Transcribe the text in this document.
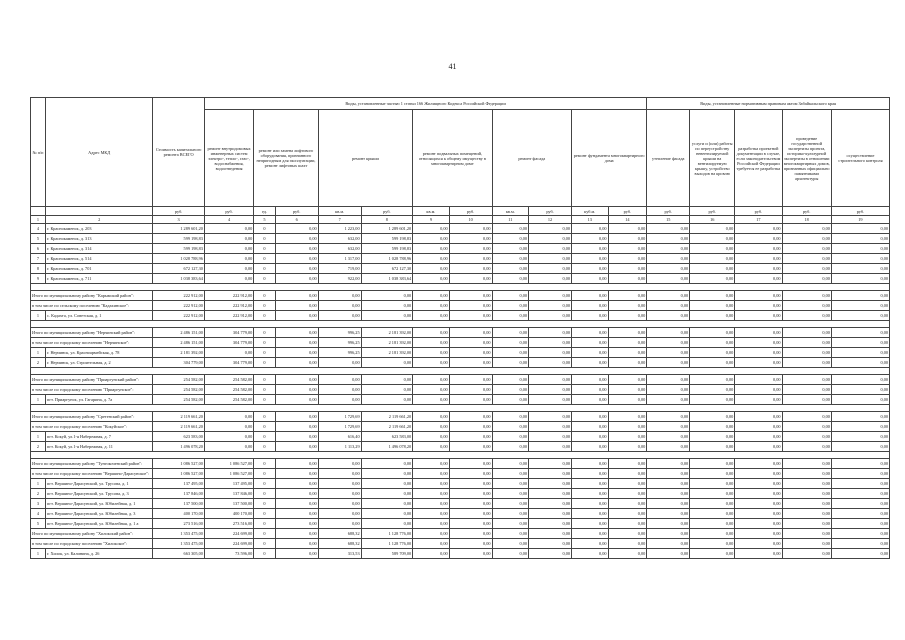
41
№ п/п	Адрес МКД	Стоимость капитального ремонта ВСЕГО	Виды, установленные частью 1 статьи 166 Жилищного Кодекса Российской Федерации											Виды, установленные нормативным правовым актом Забайкальского края				
			ремонт внутридомовых инженерных систем электро-, тепло-, газо-, водоснабжения, водоотведения	ремонт или замена лифтового оборудования, признанного непригодным для эксплуатации, ремонт лифтовых шахт		ремонт крыши		ремонт подвальных помещений, относящихся к общему имуществу в многоквартирном доме		ремонт фасада		ремонт фундамента многоквартирного дома		утепление фасада	услуги и (или) работы по переустройству невентилируемой крыши на вентилируемую крышу, устройство выходов на кровлю	разработка проектной документации в случае, если законодательством Российской Федерации требуется ее разработка	проведение государственной экспертизы проекта, историко-культурной экспертизы в отношении многоквартирных домов, признанных официально памятниками архитектуры	осуществление строительного контроля
		руб.	руб.	ед.	руб.	кв.м.	руб.	кв.м.	руб.	кв.м.	руб.	куб.м.	руб.	руб.	руб.	руб.	руб.	руб.
1	2	3	4	5	6	7	8	9	10	11	12	13	14	15	16	17	18	19
4	г. Краснокаменск, д. 203	1 289 601,20	0,00	0	0,00	1 223,00	1 289 601,20	0,00	0,00	0,00	0,00	0,00	0,00	0,00	0,00	0,00	0,00	0,00
5	г. Краснокаменск, д. 313	599 198,83	0,00	0	0,00	632,00	599 198,83	0,00	0,00	0,00	0,00	0,00	0,00	0,00	0,00	0,00	0,00	0,00
6	г. Краснокаменск, д. 314	599 198,83	0,00	0	0,00	632,00	599 198,83	0,00	0,00	0,00	0,00	0,00	0,00	0,00	0,00	0,00	0,00	0,00
7	г. Краснокаменск, д. 514	1 028 788,96	0,00	0	0,00	1 317,00	1 028 788,96	0,00	0,00	0,00	0,00	0,00	0,00	0,00	0,00	0,00	0,00	0,00
8	г. Краснокаменск, д. 701	672 127,30	0,00	0	0,00	719,00	672 127,30	0,00	0,00	0,00	0,00	0,00	0,00	0,00	0,00	0,00	0,00	0,00
9	г. Краснокаменск, д. 711	1 038 383,64	0,00	0	0,00	922,00	1 038 383,64	0,00	0,00	0,00	0,00	0,00	0,00	0,00	0,00	0,00	0,00	0,00

Итого по муниципальному району "Карымский район":		222 912,00	222 912,00	0	0,00	0,00	0,00	0,00	0,00	0,00	0,00	0,00	0,00	0,00	0,00	0,00	0,00	0,00
в том числе по сельскому поселению "Кадахинское":		222 912,00	222 912,00	0	0,00	0,00	0,00	0,00	0,00	0,00	0,00	0,00	0,00	0,00	0,00	0,00	0,00	0,00
1	с. Кадахта, ул. Советская, д. 1	222 912,00	222 912,00	0	0,00	0,00	0,00	0,00	0,00	0,00	0,00	0,00	0,00	0,00	0,00	0,00	0,00	0,00

Итого по муниципальному району "Нерчинский район":		2 486 151,00	304 779,00	0	0,00	996,25	2 181 392,00	0,00	0,00	0,00	0,00	0,00	0,00	0,00	0,00	0,00	0,00	0,00
в том числе по городскому поселению "Нерчинское":		2 486 151,00	304 779,00	0	0,00	996,25	2 181 392,00	0,00	0,00	0,00	0,00	0,00	0,00	0,00	0,00	0,00	0,00	0,00
1	г. Нерчинск, ул. Красноармейская, д. 78	2 181 392,00	0,00	0	0,00	996,25	2 181 392,00	0,00	0,00	0,00	0,00	0,00	0,00	0,00	0,00	0,00	0,00	0,00
2	г. Нерчинск, ул. Строительная, д. 2	304 779,00	304 779,00	0	0,00	0,00	0,00	0,00	0,00	0,00	0,00	0,00	0,00	0,00	0,00	0,00	0,00	0,00

Итого по муниципальному району "Приаргунский район":		254 582,00	254 582,00	0	0,00	0,00	0,00	0,00	0,00	0,00	0,00	0,00	0,00	0,00	0,00	0,00	0,00	0,00
в том числе по городскому поселению "Приаргунское":		254 582,00	254 582,00	0	0,00	0,00	0,00	0,00	0,00	0,00	0,00	0,00	0,00	0,00	0,00	0,00	0,00	0,00
1	пгт. Приаргунск, ул. Гагарина, д. 7а	254 582,00	254 582,00	0	0,00	0,00	0,00	0,00	0,00	0,00	0,00	0,00	0,00	0,00	0,00	0,00	0,00	0,00

Итого по муниципальному району "Сретенский район":		2 119 661,20	0,00	0	0,00	1 729,69	2 119 661,20	0,00	0,00	0,00	0,00	0,00	0,00	0,00	0,00	0,00	0,00	0,00
в том числе по городскому поселению "Кокуйское":		2 119 661,20	0,00	0	0,00	1 729,69	2 119 661,20	0,00	0,00	0,00	0,00	0,00	0,00	0,00	0,00	0,00	0,00	0,00
1	пгт. Кокуй, ул.1-я Набережная, д. 7	623 583,00	0,00	0	0,00	616,40	623 583,00	0,00	0,00	0,00	0,00	0,00	0,00	0,00	0,00	0,00	0,00	0,00
2	пгт. Кокуй, ул.1-я Набережная, д. 11	1 496 078,20	0,00	0	0,00	1 113,29	1 496 078,20	0,00	0,00	0,00	0,00	0,00	0,00	0,00	0,00	0,00	0,00	0,00

Итого по муниципальному району "Тунгокоченский район":		1 086 527,00	1 086 527,00	0	0,00	0,00	0,00	0,00	0,00	0,00	0,00	0,00	0,00	0,00	0,00	0,00	0,00	0,00
в том числе по городскому поселению "Вершино-Дарасунское":		1 086 527,00	1 086 527,00	0	0,00	0,00	0,00	0,00	0,00	0,00	0,00	0,00	0,00	0,00	0,00	0,00	0,00	0,00
1	пгт. Вершино-Дарасунский, ул. Трусова, д. 1	137 495,00	137 495,00	0	0,00	0,00	0,00	0,00	0,00	0,00	0,00	0,00	0,00	0,00	0,00	0,00	0,00	0,00
2	пгт. Вершино-Дарасунский, ул. Трусова, д. 3	137 846,00	137 846,00	0	0,00	0,00	0,00	0,00	0,00	0,00	0,00	0,00	0,00	0,00	0,00	0,00	0,00	0,00
3	пгт. Вершино-Дарасунский, ул. Юбилейная, д. 1	137 500,00	137 500,00	0	0,00	0,00	0,00	0,00	0,00	0,00	0,00	0,00	0,00	0,00	0,00	0,00	0,00	0,00
4	пгт. Вершино-Дарасунский, ул. Юбилейная, д. 3	400 170,00	400 170,00	0	0,00	0,00	0,00	0,00	0,00	0,00	0,00	0,00	0,00	0,00	0,00	0,00	0,00	0,00
5	пгт. Вершино-Дарасунский, ул. Юбилейная, д. 1 а	273 516,00	273 516,00	0	0,00	0,00	0,00	0,00	0,00	0,00	0,00	0,00	0,00	0,00	0,00	0,00	0,00	0,00
Итого по муниципальному району "Хилокский район":		1 353 475,00	224 699,00	0	0,00	688,32	1 128 776,00	0,00	0,00	0,00	0,00	0,00	0,00	0,00	0,00	0,00	0,00	0,00
в том числе по городскому поселению "Хилокское":		1 353 475,00	224 699,00	0	0,00	688,32	1 128 776,00	0,00	0,00	0,00	0,00	0,00	0,00	0,00	0,00	0,00	0,00	0,00
1	г. Хилок, ул. Калинина, д. 26	663 305,00	73 596,00	0	0,00	313,53	589 709,00	0,00	0,00	0,00	0,00	0,00	0,00	0,00	0,00	0,00	0,00	0,00
